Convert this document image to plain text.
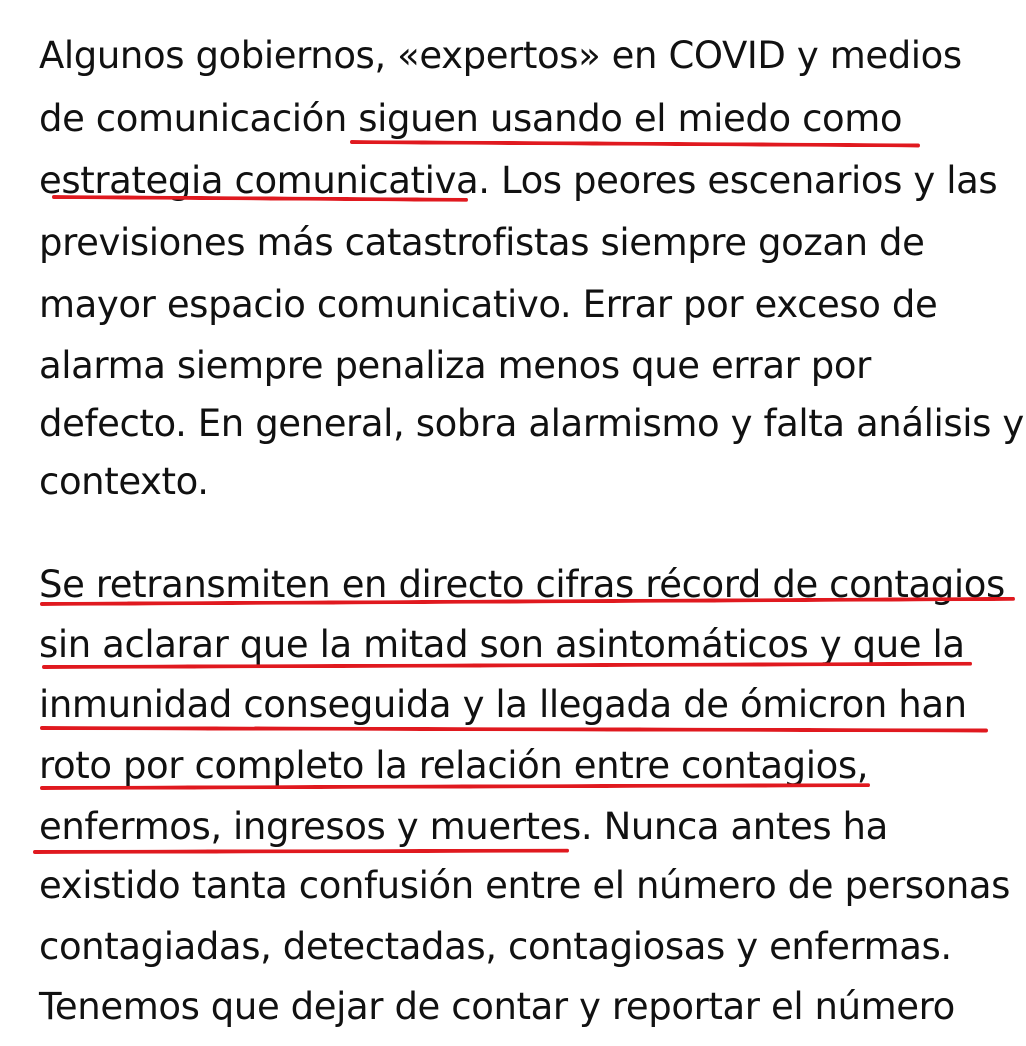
Algunos gobiernos, «expertos» en COVID y medios

de comunicación siguen usando el miedo como

estrategia comunicativa. Los peores escenarios y las

previsiones más catastrofistas siempre gozan de

mayor espacio comunicativo. Errar por exceso de

alarma siempre penaliza menos que errar por

defecto. En general, sobra alarmismo y falta análisis y

contexto.

Se retransmiten en directo cifras récord de contagios

sin aclarar que la mitad son asintomáticos y que la

inmunidad conseguida y la llegada de ómicron han

roto por completo la relación entre contagios,

enfermos, ingresos y muertes. Nunca antes ha

existido tanta confusión entre el número de personas

contagiadas, detectadas, contagiosas y enfermas.

Tenemos que dejar de contar y reportar el número
